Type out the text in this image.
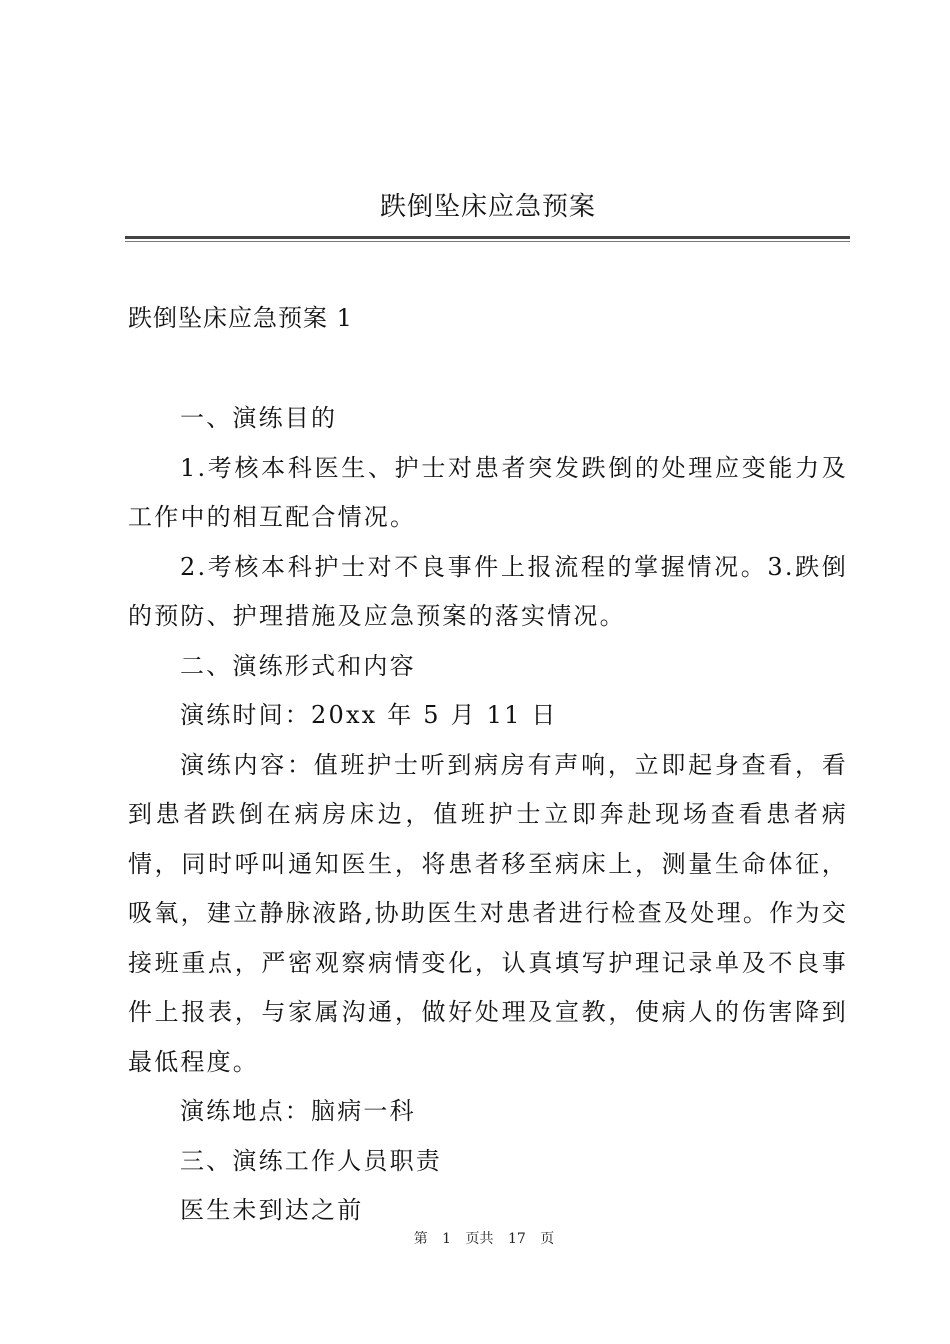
跌倒坠床应急预案
跌倒坠床应急预案 1

一、演练目的

1.考核本科医生、护士对患者突发跌倒的处理应变能力及工作中的相互配合情况。

2.考核本科护士对不良事件上报流程的掌握情况。3.跌倒的预防、护理措施及应急预案的落实情况。

二、演练形式和内容

演练时间：20xx 年 5 月 11 日

演练内容：值班护士听到病房有声响，立即起身查看，看到患者跌倒在病房床边，值班护士立即奔赴现场查看患者病情，同时呼叫通知医生，将患者移至病床上，测量生命体征，吸氧，建立静脉液路,协助医生对患者进行检查及处理。作为交接班重点，严密观察病情变化，认真填写护理记录单及不良事件上报表，与家属沟通，做好处理及宣教，使病人的伤害降到最低程度。

演练地点：脑病一科

三、演练工作人员职责

医生未到达之前

第 1 页共 17 页
